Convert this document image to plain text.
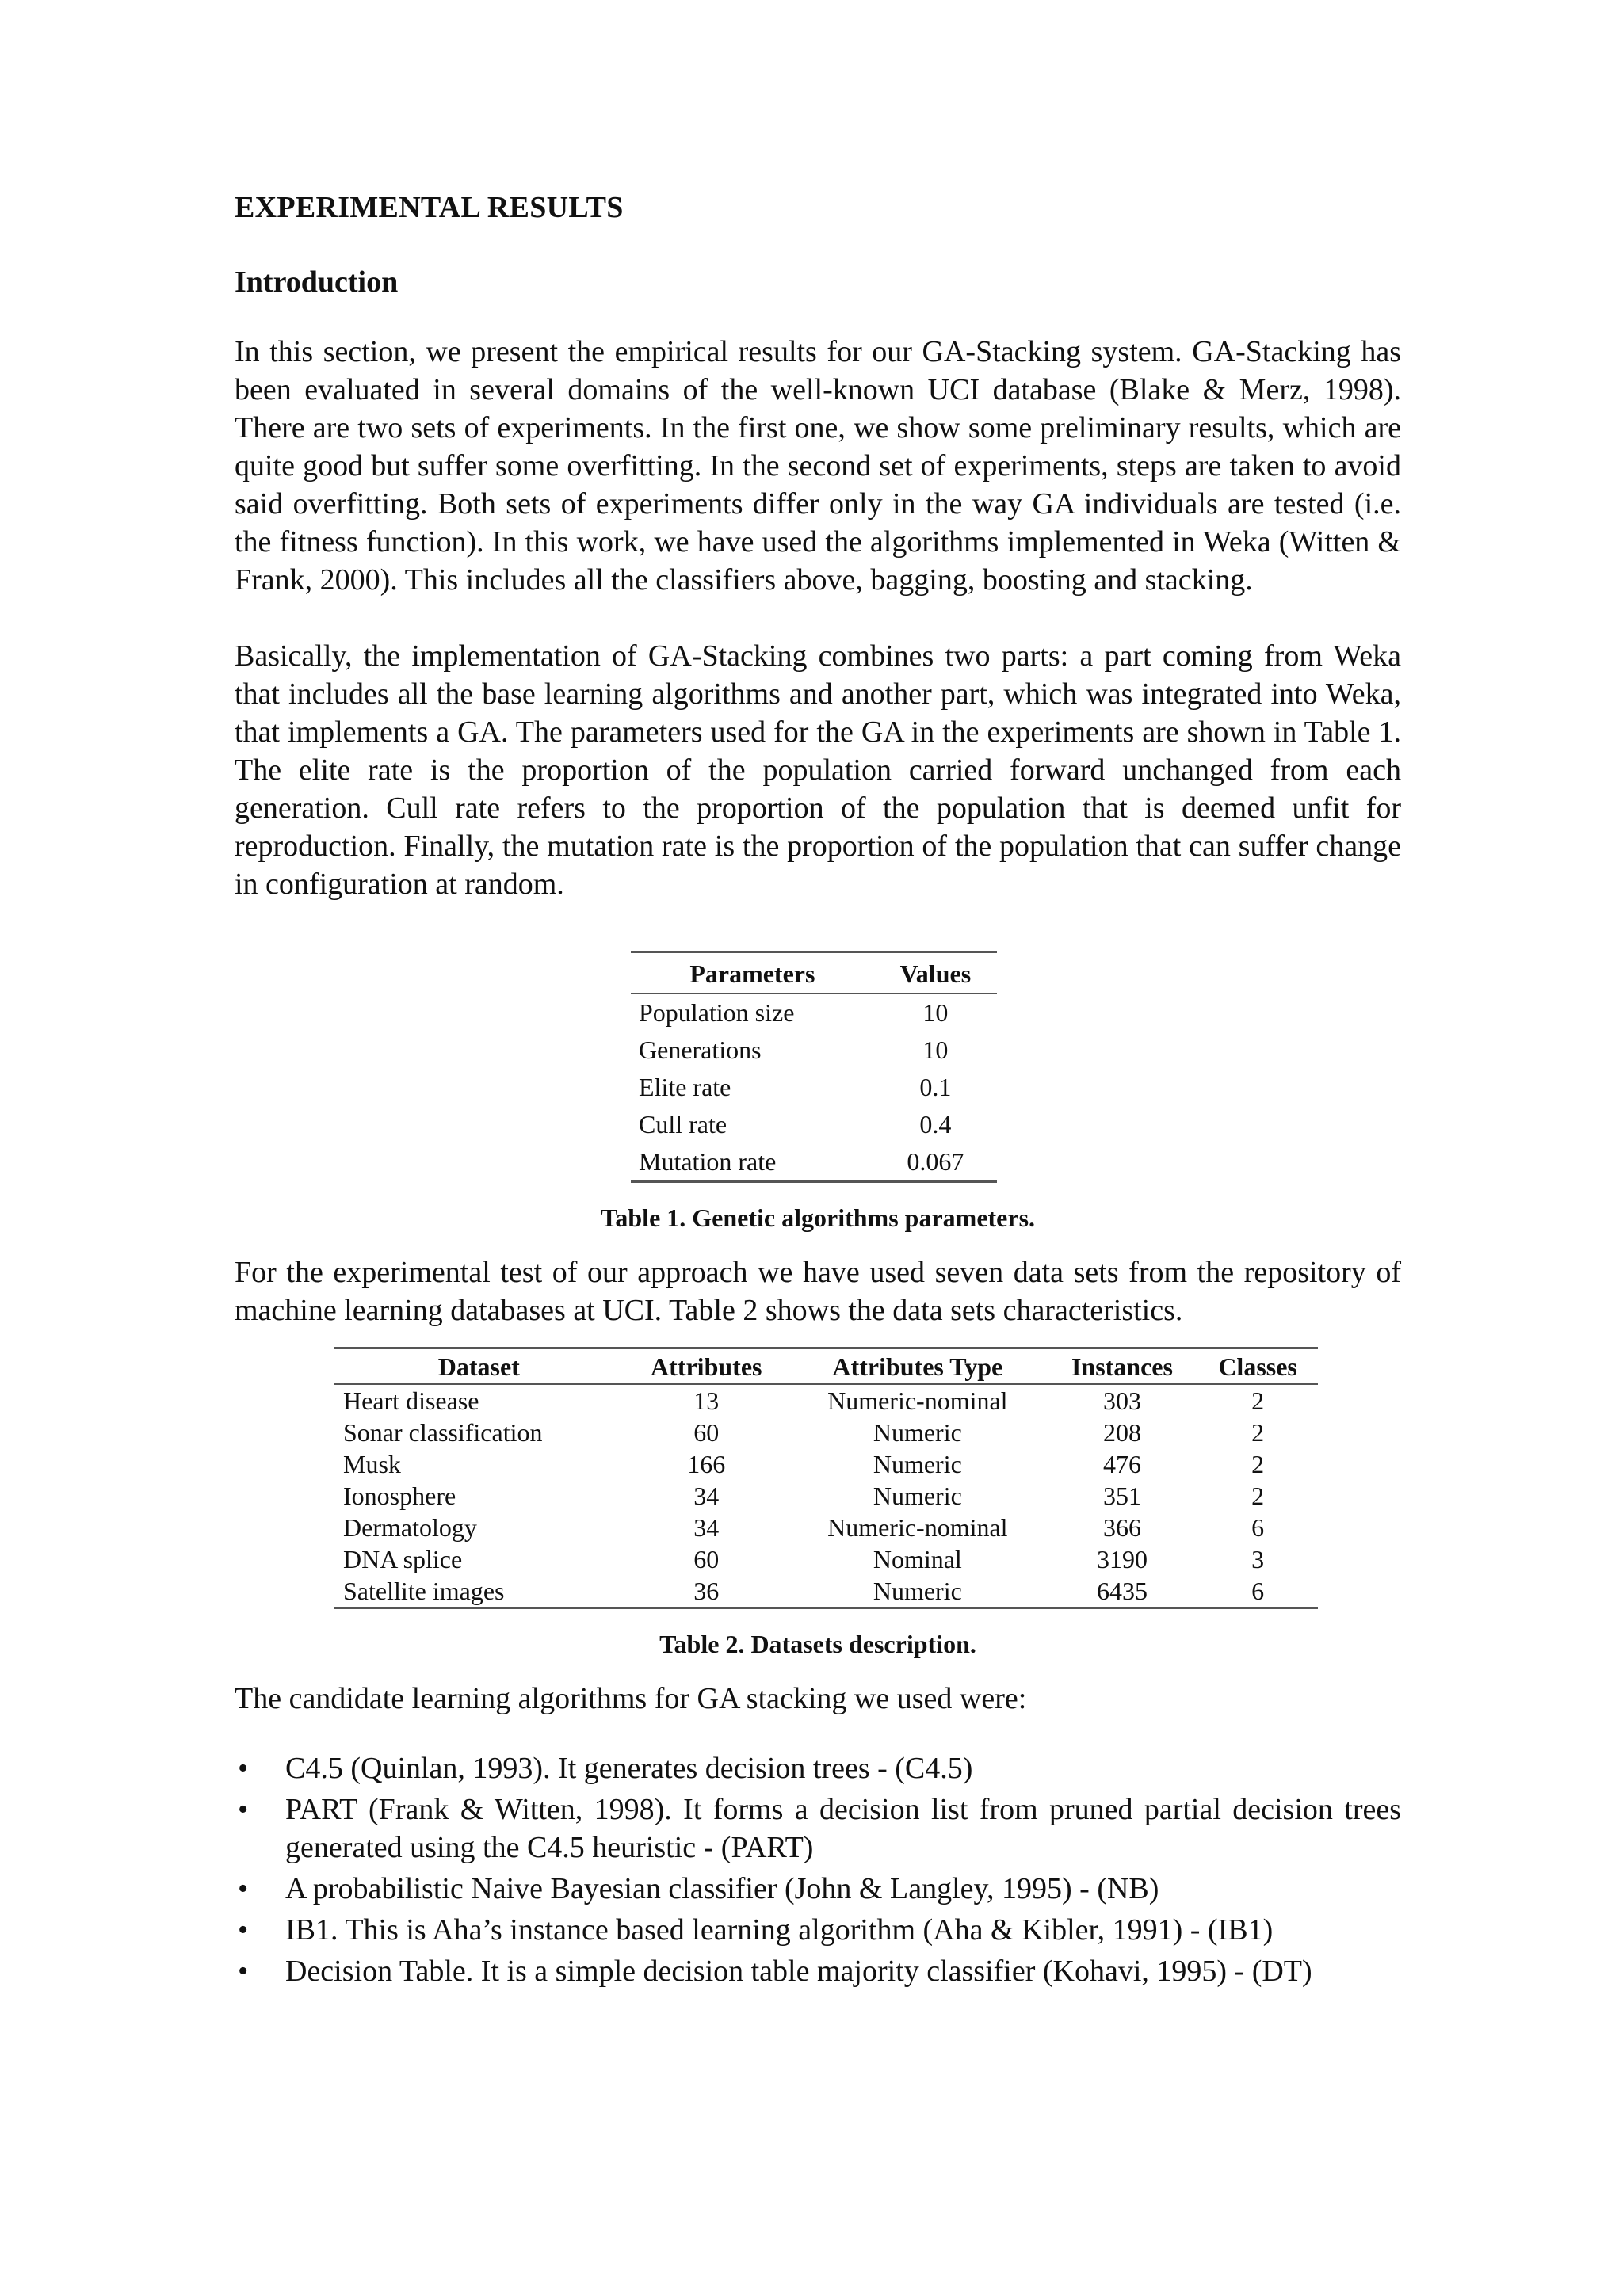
EXPERIMENTAL RESULTS
Introduction

In this section, we present the empirical results for our GA-Stacking system. GA-Stacking has been evaluated in several domains of the well-known UCI database (Blake & Merz, 1998). There are two sets of experiments. In the first one, we show some preliminary results, which are quite good but suffer some overfitting. In the second set of experiments, steps are taken to avoid said overfitting. Both sets of experiments differ only in the way GA individuals are tested (i.e. the fitness function). In this work, we have used the algorithms implemented in Weka (Witten & Frank, 2000). This includes all the classifiers above, bagging, boosting and stacking.

Basically, the implementation of GA-Stacking combines two parts: a part coming from Weka that includes all the base learning algorithms and another part, which was integrated into Weka, that implements a GA. The parameters used for the GA in the experiments are shown in Table 1. The elite rate is the proportion of the population carried forward unchanged from each generation. Cull rate refers to the proportion of the population that is deemed unfit for reproduction. Finally, the mutation rate is the proportion of the population that can suffer change in configuration at random.

Parameters	Values
Population size	10
Generations	10
Elite rate	0.1
Cull rate	0.4
Mutation rate	0.067
Table 1. Genetic algorithms parameters.

For the experimental test of our approach we have used seven data sets from the repository of machine learning databases at UCI. Table 2 shows the data sets characteristics.

Dataset	Attributes	Attributes Type	Instances	Classes
Heart disease	13	Numeric-nominal	303	2
Sonar classification	60	Numeric	208	2
Musk	166	Numeric	476	2
Ionosphere	34	Numeric	351	2
Dermatology	34	Numeric-nominal	366	6
DNA splice	60	Nominal	3190	3
Satellite images	36	Numeric	6435	6
Table 2. Datasets description.

The candidate learning algorithms for GA stacking we used were:

• C4.5 (Quinlan, 1993). It generates decision trees - (C4.5)
• PART (Frank & Witten, 1998). It forms a decision list from pruned partial decision trees generated using the C4.5 heuristic - (PART)
• A probabilistic Naive Bayesian classifier (John & Langley, 1995) - (NB)
• IB1. This is Aha’s instance based learning algorithm (Aha & Kibler, 1991) - (IB1)
• Decision Table. It is a simple decision table majority classifier (Kohavi, 1995) - (DT)
